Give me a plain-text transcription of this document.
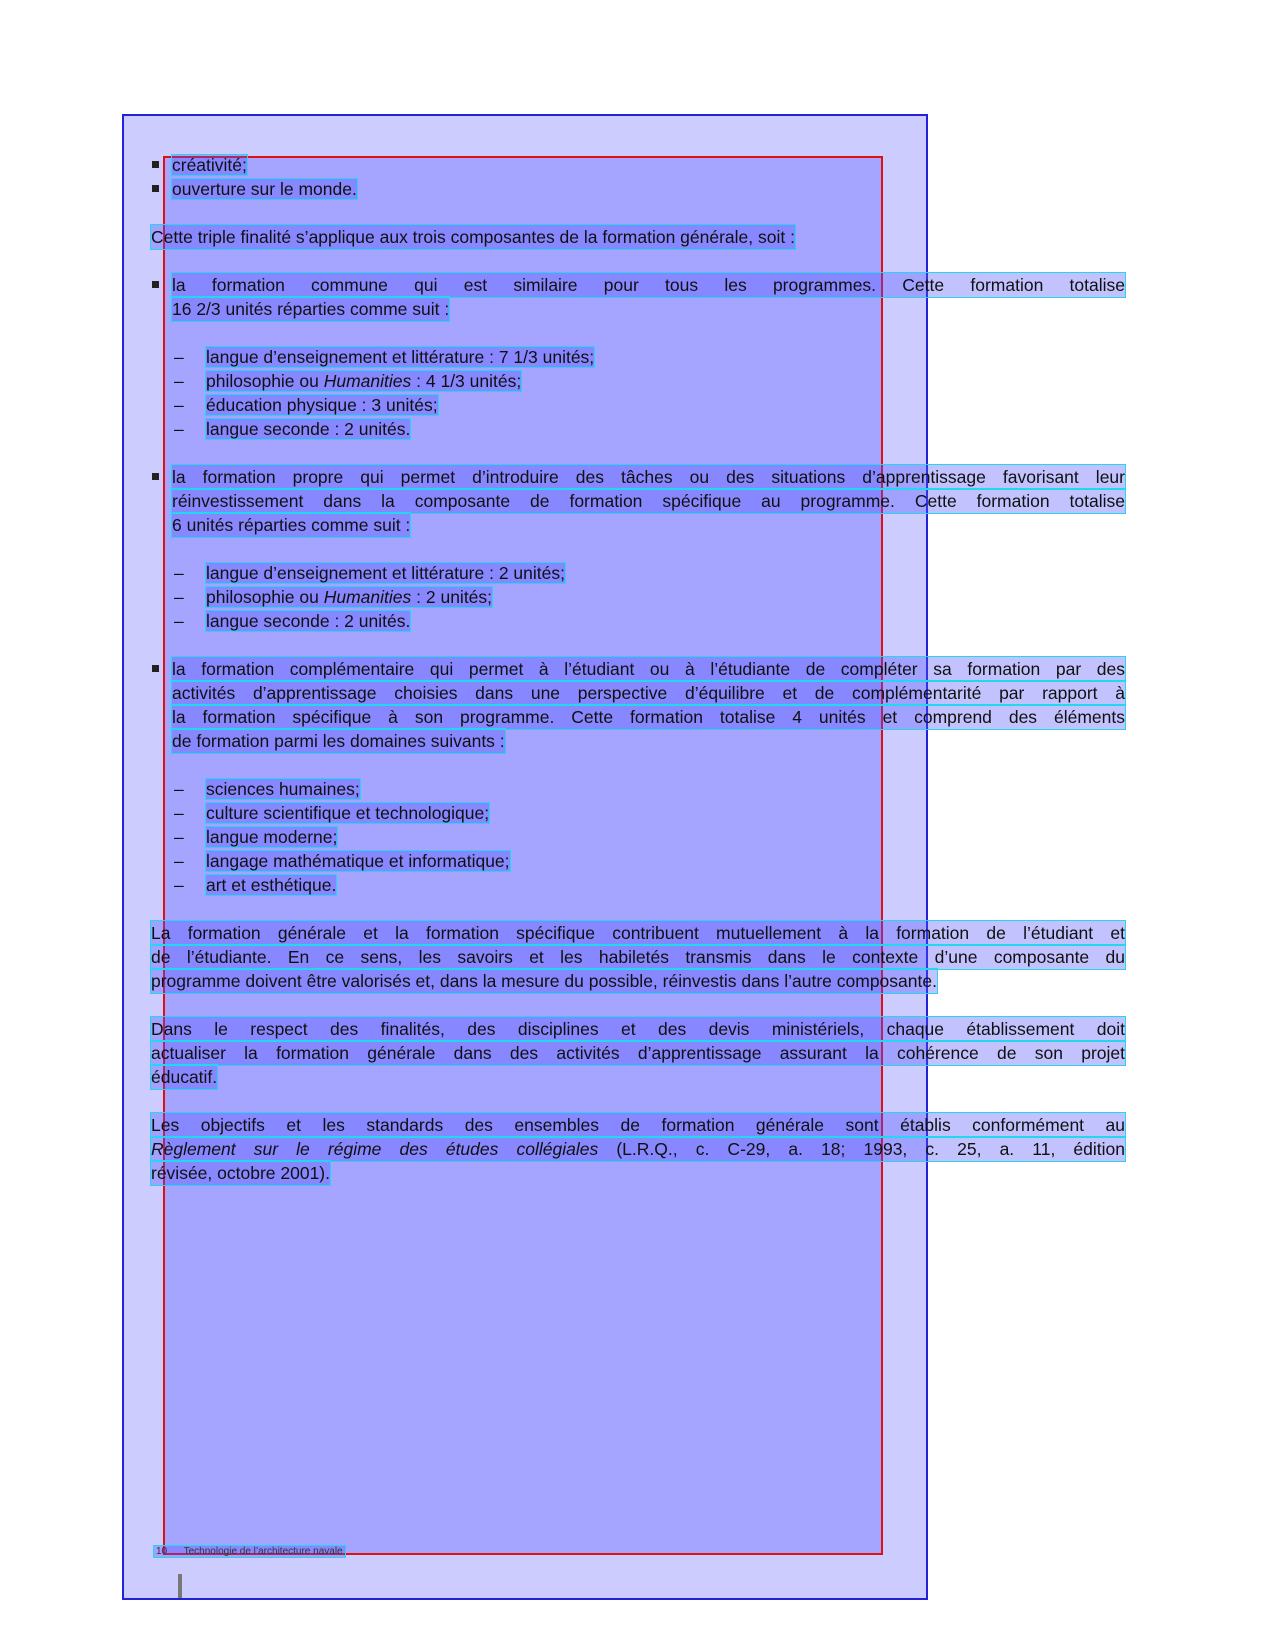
créativité;
ouverture sur le monde.
Cette triple finalité s’applique aux trois composantes de la formation générale, soit :
la formation commune qui est similaire pour tous les programmes. Cette formation totalise
16 2/3 unités réparties comme suit :
– langue d’enseignement et littérature : 7 1/3 unités;
– philosophie ou Humanities : 4 1/3 unités;
– éducation physique : 3 unités;
– langue seconde : 2 unités.
la formation propre qui permet d’introduire des tâches ou des situations d’apprentissage favorisant leur
réinvestissement dans la composante de formation spécifique au programme. Cette formation totalise
6 unités réparties comme suit :
– langue d’enseignement et littérature : 2 unités;
– philosophie ou Humanities : 2 unités;
– langue seconde : 2 unités.
la formation complémentaire qui permet à l’étudiant ou à l’étudiante de compléter sa formation par des
activités d’apprentissage choisies dans une perspective d’équilibre et de complémentarité par rapport à
la formation spécifique à son programme. Cette formation totalise 4 unités et comprend des éléments
de formation parmi les domaines suivants :
– sciences humaines;
– culture scientifique et technologique;
– langue moderne;
– langage mathématique et informatique;
– art et esthétique.
La formation générale et la formation spécifique contribuent mutuellement à la formation de l’étudiant et
de l’étudiante. En ce sens, les savoirs et les habiletés transmis dans le contexte d’une composante du
programme doivent être valorisés et, dans la mesure du possible, réinvestis dans l’autre composante.
Dans le respect des finalités, des disciplines et des devis ministériels, chaque établissement doit
actualiser la formation générale dans des activités d’apprentissage assurant la cohérence de son projet
éducatif.
Les objectifs et les standards des ensembles de formation générale sont établis conformément au
Règlement sur le régime des études collégiales (L.R.Q., c. C-29, a. 18; 1993, c. 25, a. 11, édition
révisée, octobre 2001).
10 Technologie de l’architecture navale
